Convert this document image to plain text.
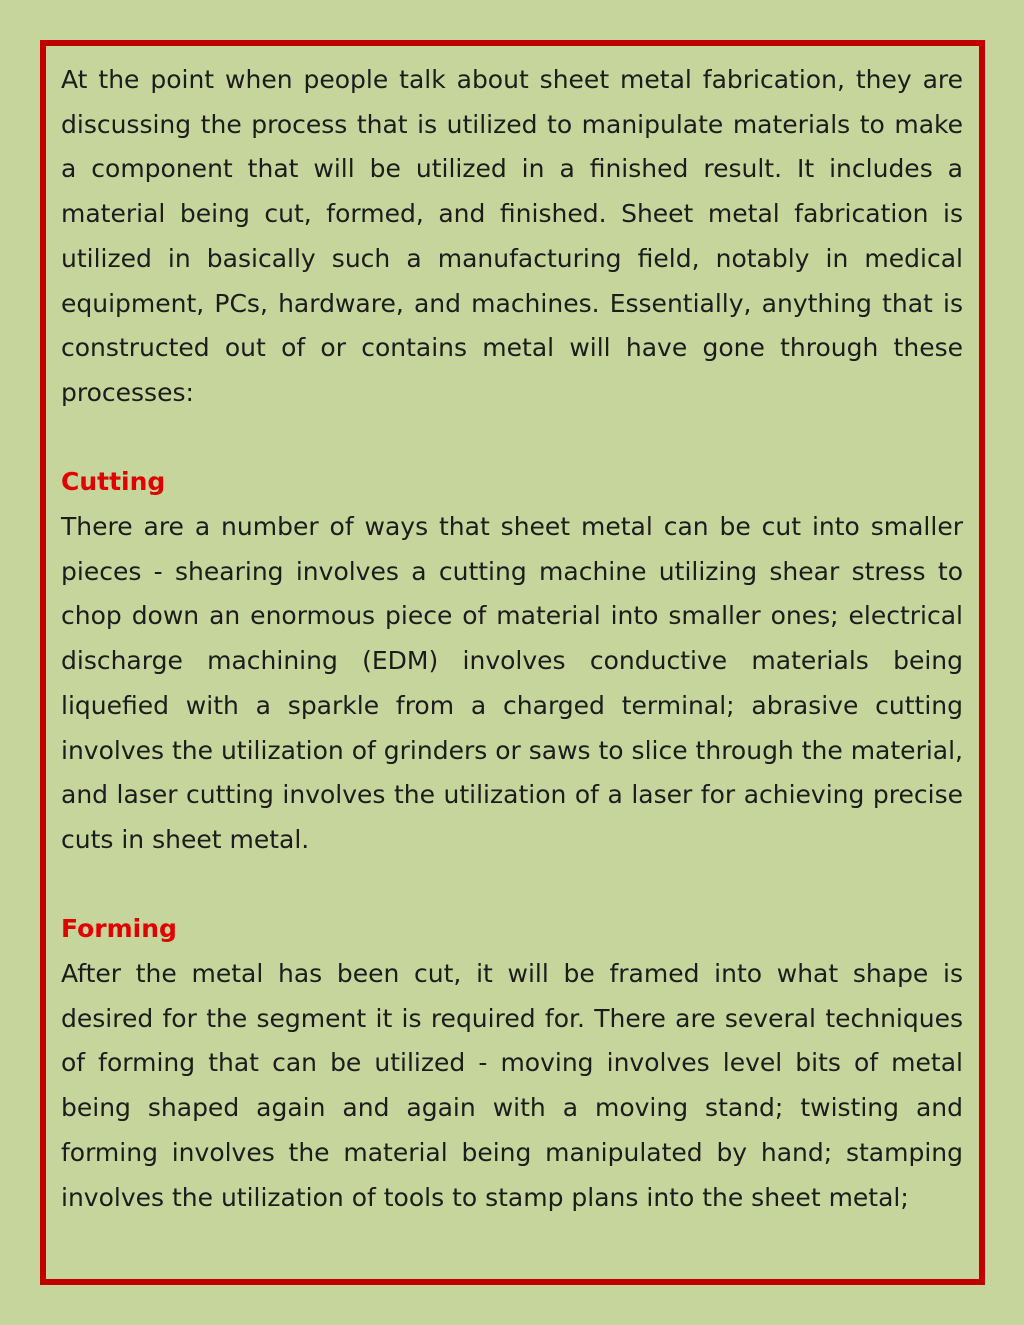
At the point when people talk about sheet metal fabrication, they are discussing the process that is utilized to manipulate materials to make a component that will be utilized in a finished result. It includes a material being cut, formed, and finished. Sheet metal fabrication is utilized in basically such a manufacturing field, notably in medical equipment, PCs, hardware, and machines. Essentially, anything that is constructed out of or contains metal will have gone through these processes:

Cutting

There are a number of ways that sheet metal can be cut into smaller pieces - shearing involves a cutting machine utilizing shear stress to chop down an enormous piece of material into smaller ones; electrical discharge machining (EDM) involves conductive materials being liquefied with a sparkle from a charged terminal; abrasive cutting involves the utilization of grinders or saws to slice through the material, and laser cutting involves the utilization of a laser for achieving precise cuts in sheet metal.

Forming

After the metal has been cut, it will be framed into what shape is desired for the segment it is required for. There are several techniques of forming that can be utilized - moving involves level bits of metal being shaped again and again with a moving stand; twisting and forming involves the material being manipulated by hand; stamping involves the utilization of tools to stamp plans into the sheet metal;
